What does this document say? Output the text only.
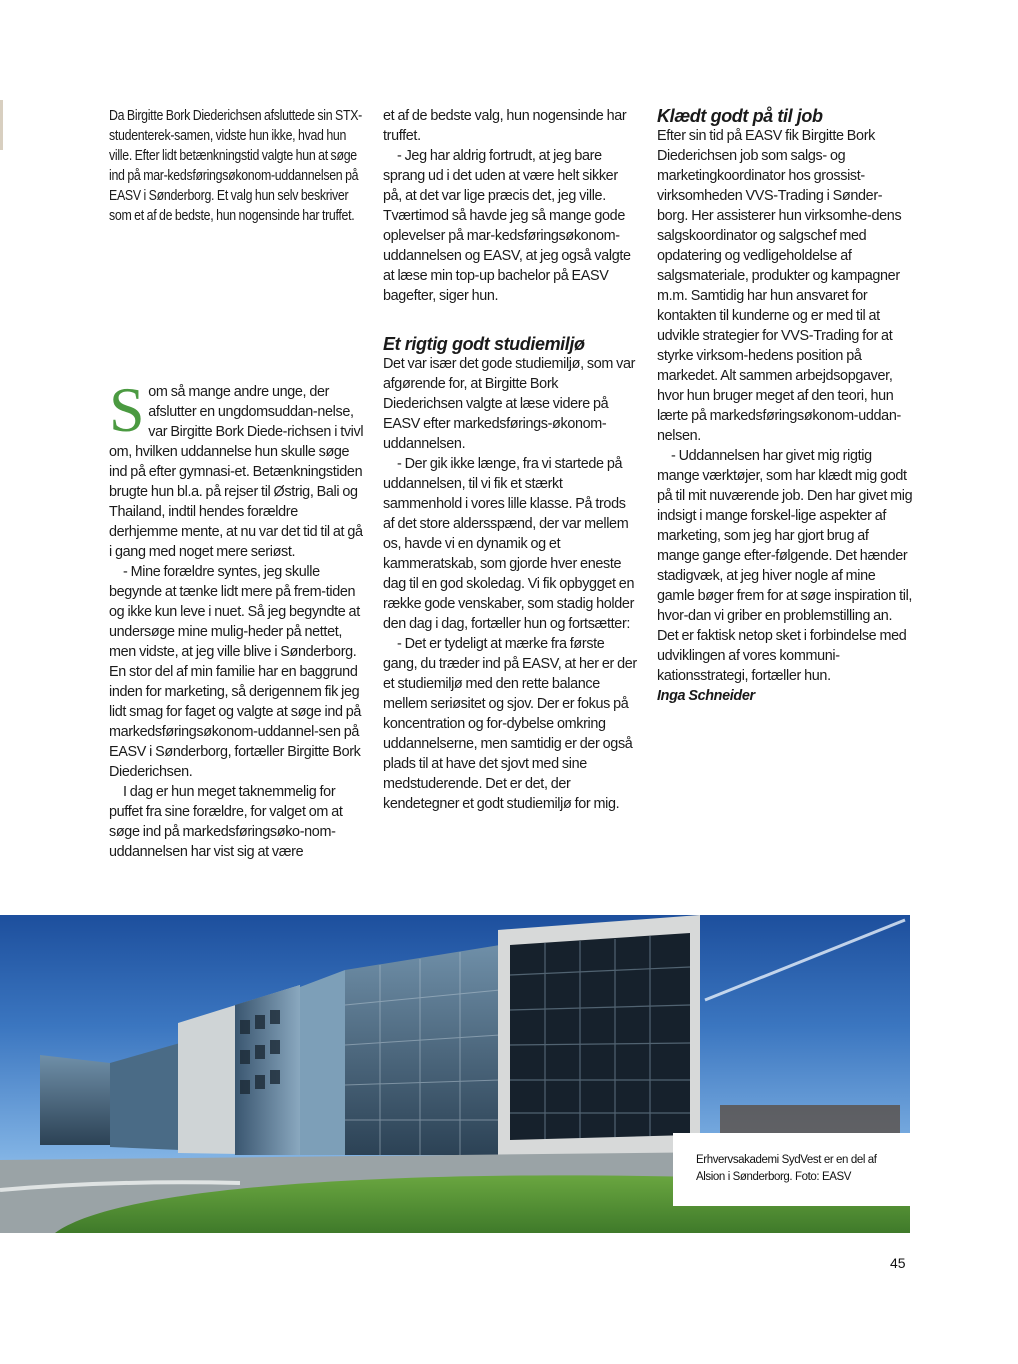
Da Birgitte Bork Diederichsen afsluttede sin STX-studenterek-samen, vidste hun ikke, hvad hun ville. Efter lidt betænkningstid valgte hun at søge ind på mar-kedsføringsøkonom-uddannelsen på EASV i Sønderborg. Et valg hun selv beskriver som et af de bedste, hun nogensinde har truffet.

Som så mange andre unge, der afslutter en ungdomsuddan-nelse, var Birgitte Bork Diede-richsen i tvivl om, hvilken uddannelse hun skulle søge ind på efter gymnasi-et. Betænkningstiden brugte hun bl.a. på rejser til Østrig, Bali og Thailand, indtil hendes forældre derhjemme mente, at nu var det tid til at gå i gang med noget mere seriøst.

- Mine forældre syntes, jeg skulle begynde at tænke lidt mere på frem-tiden og ikke kun leve i nuet. Så jeg begyndte at undersøge mine mulig-heder på nettet, men vidste, at jeg ville blive i Sønderborg. En stor del af min familie har en baggrund inden for marketing, så derigennem fik jeg lidt smag for faget og valgte at søge ind på markedsføringsøkonom-uddannel-sen på EASV i Sønderborg, fortæller Birgitte Bork Diederichsen.

I dag er hun meget taknemmelig for puffet fra sine forældre, for valget om at søge ind på markedsføringsøko-nom-uddannelsen har vist sig at være

et af de bedste valg, hun nogensinde har truffet.

- Jeg har aldrig fortrudt, at jeg bare sprang ud i det uden at være helt sikker på, at det var lige præcis det, jeg ville. Tværtimod så havde jeg så mange gode oplevelser på mar-kedsføringsøkonom-uddannelsen og EASV, at jeg også valgte at læse min top-up bachelor på EASV bagefter, siger hun.

Et rigtig godt studiemiljø

Det var især det gode studiemiljø, som var afgørende for, at Birgitte Bork Diederichsen valgte at læse videre på EASV efter markedsførings-økonom-uddannelsen.

- Der gik ikke længe, fra vi startede på uddannelsen, til vi fik et stærkt sammenhold i vores lille klasse. På trods af det store aldersspænd, der var mellem os, havde vi en dynamik og et kammeratskab, som gjorde hver eneste dag til en god skoledag. Vi fik opbygget en række gode venskaber, som stadig holder den dag i dag, fortæller hun og fortsætter:

- Det er tydeligt at mærke fra første gang, du træder ind på EASV, at her er der et studiemiljø med den rette balance mellem seriøsitet og sjov. Der er fokus på koncentration og for-dybelse omkring uddannelserne, men samtidig er der også plads til at have det sjovt med sine medstuderende. Det er det, der kendetegner et godt studiemiljø for mig.

Klædt godt på til job

Efter sin tid på EASV fik Birgitte Bork Diederichsen job som salgs- og marketingkoordinator hos grossist-virksomheden VVS-Trading i Sønder-borg. Her assisterer hun virksomhe-dens salgskoordinator og salgschef med opdatering og vedligeholdelse af salgsmateriale, produkter og kampagner m.m. Samtidig har hun ansvaret for kontakten til kunderne og er med til at udvikle strategier for VVS-Trading for at styrke virksom-hedens position på markedet. Alt sammen arbejdsopgaver, hvor hun bruger meget af den teori, hun lærte på markedsføringsøkonom-uddan-nelsen.

- Uddannelsen har givet mig rigtig mange værktøjer, som har klædt mig godt på til mit nuværende job. Den har givet mig indsigt i mange forskel-lige aspekter af marketing, som jeg har gjort brug af mange gange efter-følgende. Det hænder stadigvæk, at jeg hiver nogle af mine gamle bøger frem for at søge inspiration til, hvor-dan vi griber en problemstilling an. Det er faktisk netop sket i forbindelse med udviklingen af vores kommuni-kationsstrategi, fortæller hun.

Inga Schneider

Erhvervsakademi SydVest er en del af Alsion i Sønderborg. Foto: EASV

45
